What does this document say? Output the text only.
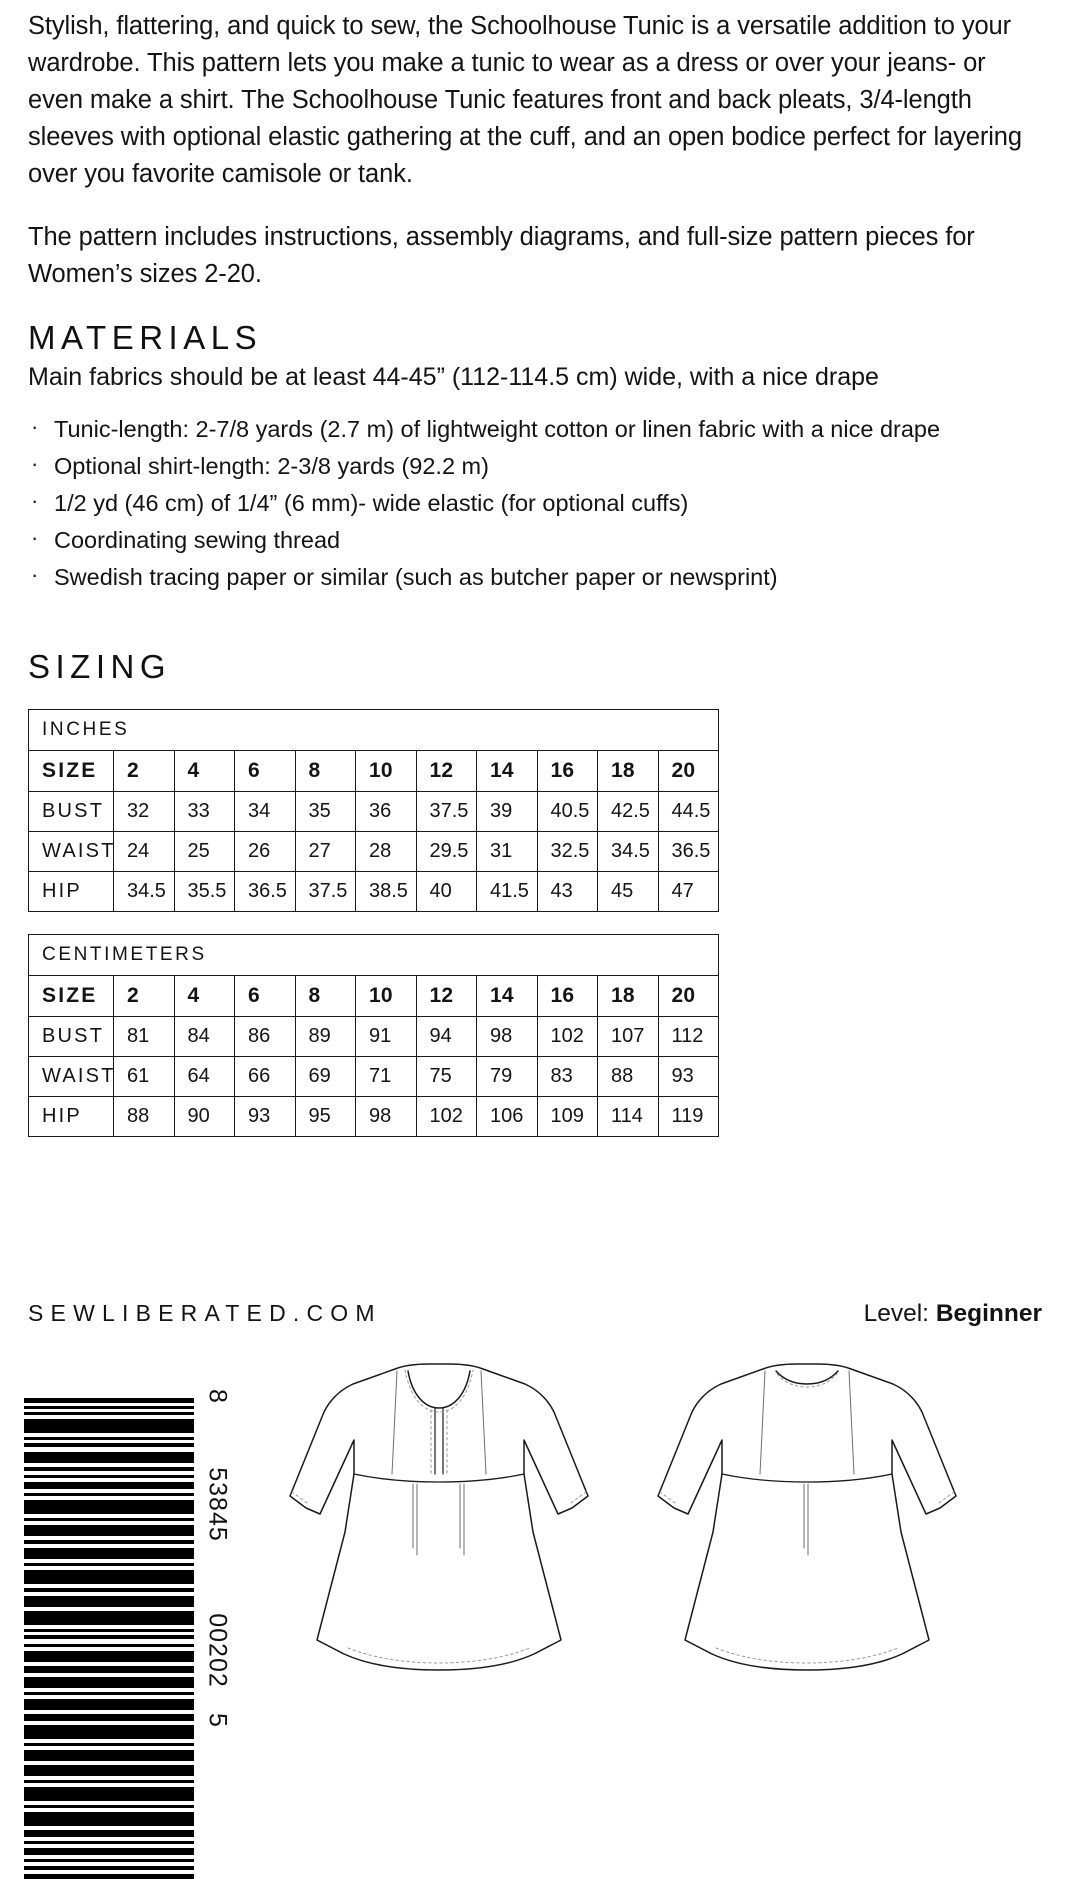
Stylish, flattering, and quick to sew, the Schoolhouse Tunic is a versatile addition to your wardrobe. This pattern lets you make a tunic to wear as a dress or over your jeans- or even make a shirt. The Schoolhouse Tunic features front and back pleats, 3/4-length sleeves with optional elastic gathering at the cuff, and an open bodice perfect for layering over you favorite camisole or tank.

The pattern includes instructions, assembly diagrams, and full-size pattern pieces for Women’s sizes 2-20.

MATERIALS

Main fabrics should be at least 44-45” (112-114.5 cm) wide, with a nice drape

· Tunic-length: 2-7/8 yards (2.7 m) of lightweight cotton or linen fabric with a nice drape
· Optional shirt-length: 2-3/8 yards (92.2 m)
· 1/2 yd (46 cm) of 1/4” (6 mm)- wide elastic (for optional cuffs)
· Coordinating sewing thread
· Swedish tracing paper or similar (such as butcher paper or newsprint)
SIZING
INCHES										
SIZE	2	4	6	8	10	12	14	16	18	20
BUST	32	33	34	35	36	37.5	39	40.5	42.5	44.5
WAIST	24	25	26	27	28	29.5	31	32.5	34.5	36.5
HIP	34.5	35.5	36.5	37.5	38.5	40	41.5	43	45	47
CENTIMETERS										
SIZE	2	4	6	8	10	12	14	16	18	20
BUST	81	84	86	89	91	94	98	102	107	112
WAIST	61	64	66	69	71	75	79	83	88	93
HIP	88	90	93	95	98	102	106	109	114	119
SEWLIBERATED.COM	Level: Beginner
8
53845
00202
5
